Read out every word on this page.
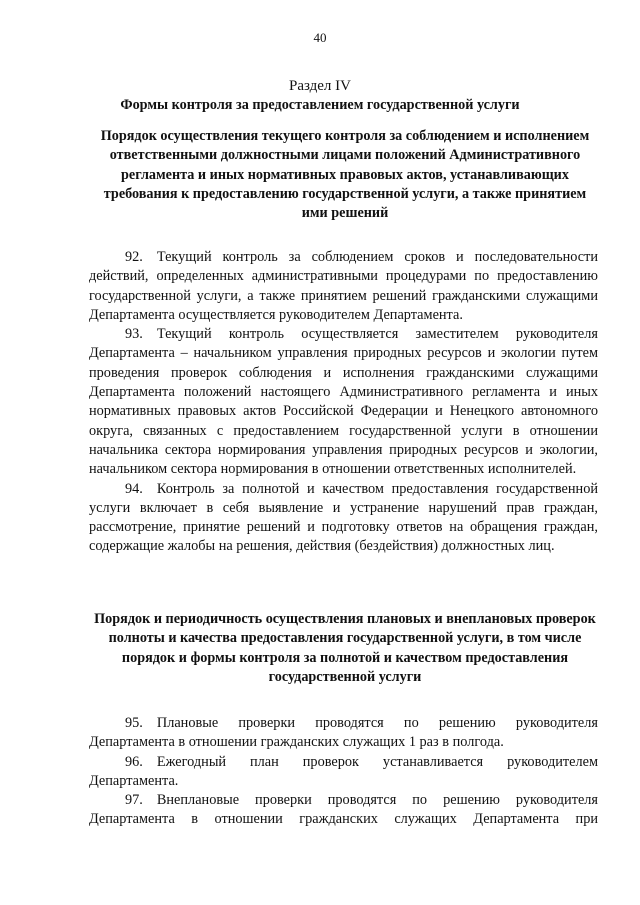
40
Раздел IV
Формы контроля за предоставлением государственной услуги
Порядок осуществления текущего контроля за соблюдением и исполнением ответственными должностными лицами положений Административного регламента и иных нормативных правовых актов, устанавливающих требования к предоставлению государственной услуги, а также принятием ими решений

92. Текущий контроль за соблюдением сроков и последовательности действий, определенных административными процедурами по предоставлению государственной услуги, а также принятием решений гражданскими служащими Департамента осуществляется руководителем Департамента.

93. Текущий контроль осуществляется заместителем руководителя Департамента – начальником управления природных ресурсов и экологии путем проведения проверок соблюдения и исполнения гражданскими служащими Департамента положений настоящего Административного регламента и иных нормативных правовых актов Российской Федерации и Ненецкого автономного округа, связанных с предоставлением государственной услуги в отношении начальника сектора нормирования управления природных ресурсов и экологии, начальником сектора нормирования в отношении ответственных исполнителей.

94. Контроль за полнотой и качеством предоставления государственной услуги включает в себя выявление и устранение нарушений прав граждан, рассмотрение, принятие решений и подготовку ответов на обращения граждан, содержащие жалобы на решения, действия (бездействия) должностных лиц.

Порядок и периодичность осуществления плановых и внеплановых проверок полноты и качества предоставления государственной услуги, в том числе порядок и формы контроля за полнотой и качеством предоставления государственной услуги

95. Плановые проверки проводятся по решению руководителя Департамента в отношении гражданских служащих 1 раз в полгода.

96. Ежегодный план проверок устанавливается руководителем Департамента.

97. Внеплановые проверки проводятся по решению руководителя Департамента в отношении гражданских служащих Департамента при
